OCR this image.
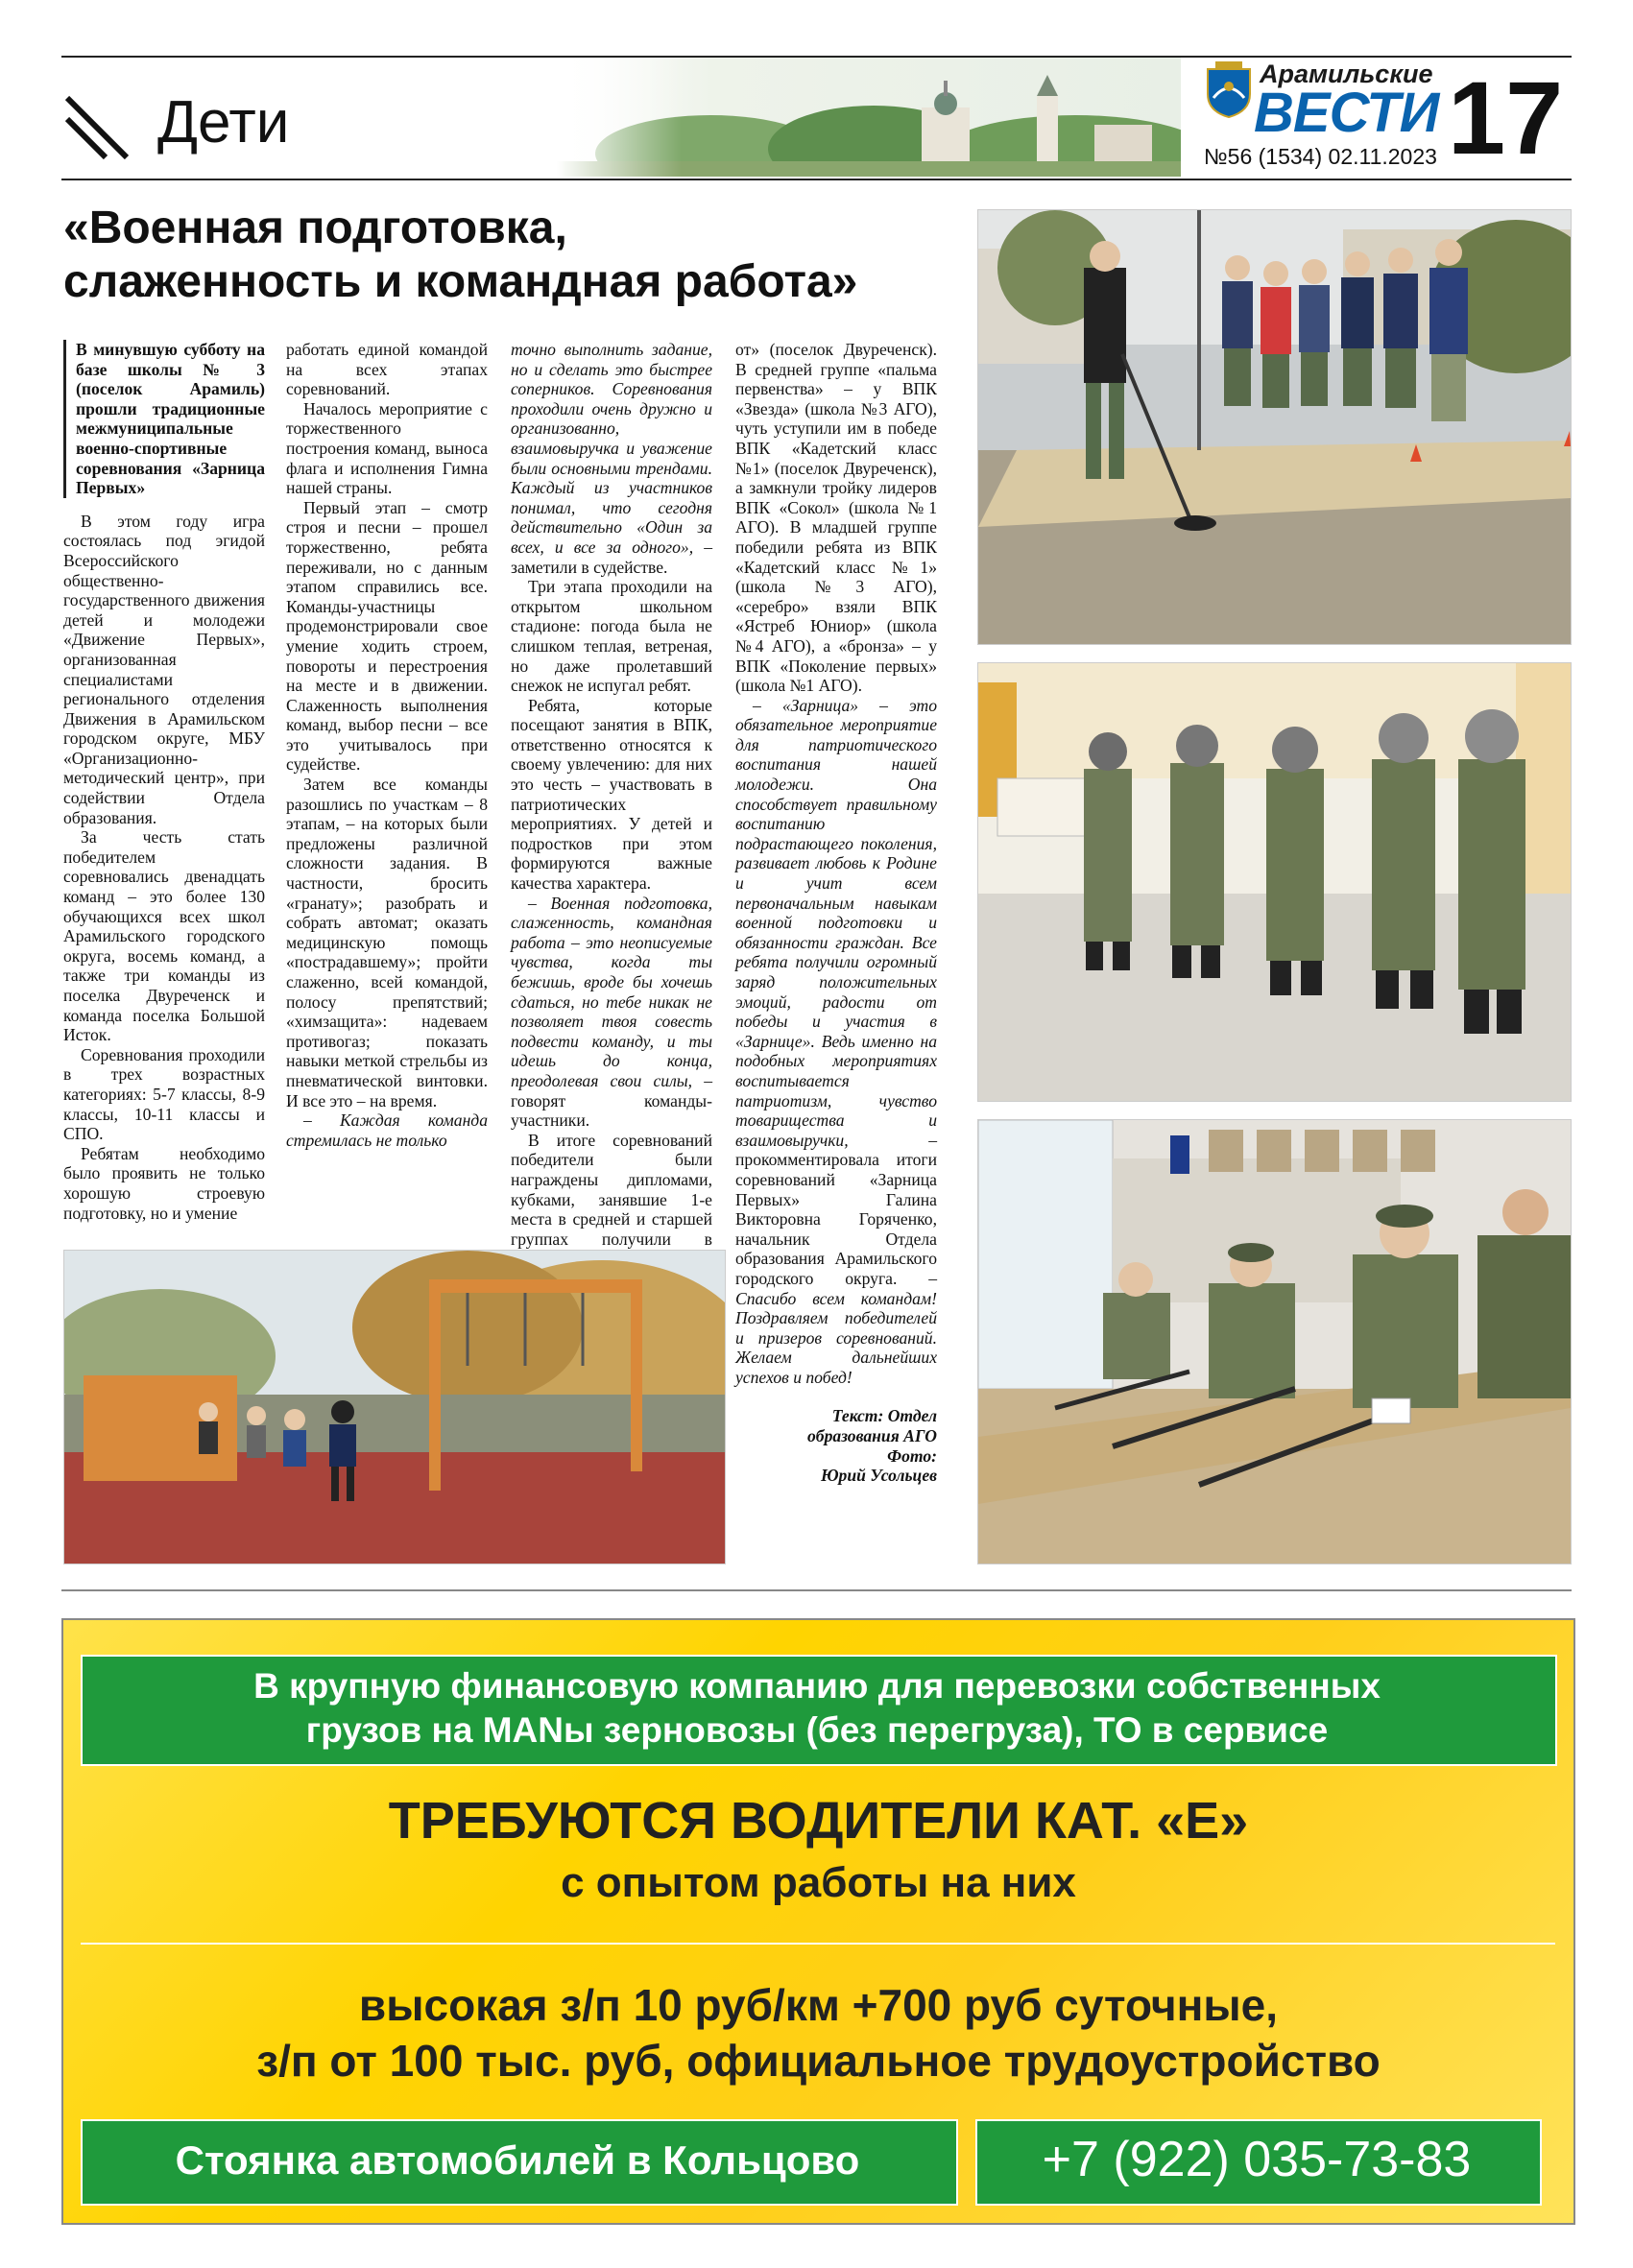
Дети
Арамильские
ВЕСТИ
№56 (1534) 02.11.2023 17
«Военная подготовка,
слаженность и командная работа»

В минувшую субботу на базе школы № 3 (поселок Арамиль) прошли традиционные межмуниципальные военно-спортивные соревнования «Зарница Первых»

В этом году игра состоялась под эгидой Всероссийского общественно-государственного движения детей и молодежи «Движение Первых», организованная специалистами регионального отделения Движения в Арамильском городском округе, МБУ «Организационно-методический центр», при содействии Отдела образования.

За честь стать победителем соревновались двенадцать команд – это более 130 обучающихся всех школ Арамильского городского округа, восемь команд, а также три команды из поселка Двуреченск и команда поселка Большой Исток.

Соревнования проходили в трех возрастных категориях: 5-7 классы, 8-9 классы, 10-11 классы и СПО.

Ребятам необходимо было проявить не только хорошую строевую подготовку, но и умение

работать единой командой на всех этапах соревнований.

Началось мероприятие с торжественного построения команд, выноса флага и исполнения Гимна нашей страны.

Первый этап – смотр строя и песни – прошел торжественно, ребята переживали, но с данным этапом справились все. Команды-участницы продемонстрировали свое умение ходить строем, повороты и перестроения на месте и в движении. Слаженность выполнения команд, выбор песни – все это учитывалось при судействе.

Затем все команды разошлись по участкам – 8 этапам, – на которых были предложены различной сложности задания. В частности, бросить «гранату»; разобрать и собрать автомат; оказать медицинскую помощь «пострадавшему»; пройти слаженно, всей командой, полосу препятствий; «химзащита»: надеваем противогаз; показать навыки меткой стрельбы из пневматической винтовки. И все это – на время.

– Каждая команда стремилась не только

точно выполнить задание, но и сделать это быстрее соперников. Соревнования проходили очень дружно и организованно, взаимовыручка и уважение были основными трендами. Каждый из участников понимал, что сегодня действительно «Один за всех, и все за одного», – заметили в судействе.

Три этапа проходили на открытом школьном стадионе: погода была не слишком теплая, ветреная, но даже пролетавший снежок не испугал ребят.

Ребята, которые посещают занятия в ВПК, ответственно относятся к своему увлечению: для них это честь – участвовать в патриотических мероприятиях. У детей и подростков при этом формируются важные качества характера.

– Военная подготовка, слаженность, командная работа – это неописуемые чувства, когда ты бежишь, вроде бы хочешь сдаться, но тебе никак не позволяет твоя совесть подвести команду, и ты идешь до конца, преодолевая свои силы, – говорят команды-участники.

В итоге соревнований победители были награждены дипломами, кубками, занявшие 1-е места в средней и старшей группах получили в

от» (поселок Двуреченск). В средней группе «пальма первенства» – у ВПК «Звезда» (школа №3 АГО), чуть уступили им в победе ВПК «Кадетский класс №1» (поселок Двуреченск), а замкнули тройку лидеров ВПК «Сокол» (школа №1 АГО). В младшей группе победили ребята из ВПК «Кадетский класс №1» (школа №3 АГО), «серебро» взяли ВПК «Ястреб Юниор» (школа №4 АГО), а «бронза» – у ВПК «Поколение первых» (школа №1 АГО).

– «Зарница» – это обязательное мероприятие для патриотического воспитания нашей молодежи. Она способствует правильному воспитанию подрастающего поколения, развивает любовь к Родине и учит всем первоначальным навыкам военной подготовки и обязанности граждан. Все ребята получили огромный заряд положительных эмоций, радости от победы и участия в «Зарнице». Ведь именно на подобных мероприятиях воспитывается патриотизм, чувство товарищества и взаимовыручки,	– прокомментировала итоги соревнований «Зарница Первых» Галина Викторовна Горяченко, начальник Отдела образования Арамильского городского округа. – Спасибо всем командам! Поздравляем победителей и призеров соревнований. Желаем дальнейших успехов и побед!

Текст: Отдел
образования АГО
Фото:
Юрий Усольцев

В крупную финансовую компанию для перевозки собственных
грузов на MANы зерновозы (без перегруза), ТО в сервисе
ТРЕБУЮТСЯ ВОДИТЕЛИ КАТ. «Е»
с опытом работы на них
высокая з/п 10 руб/км +700 руб суточные,
з/п от 100 тыс. руб, официальное трудоустройство
Стоянка автомобилей в Кольцово	+7 (922) 035-73-83
